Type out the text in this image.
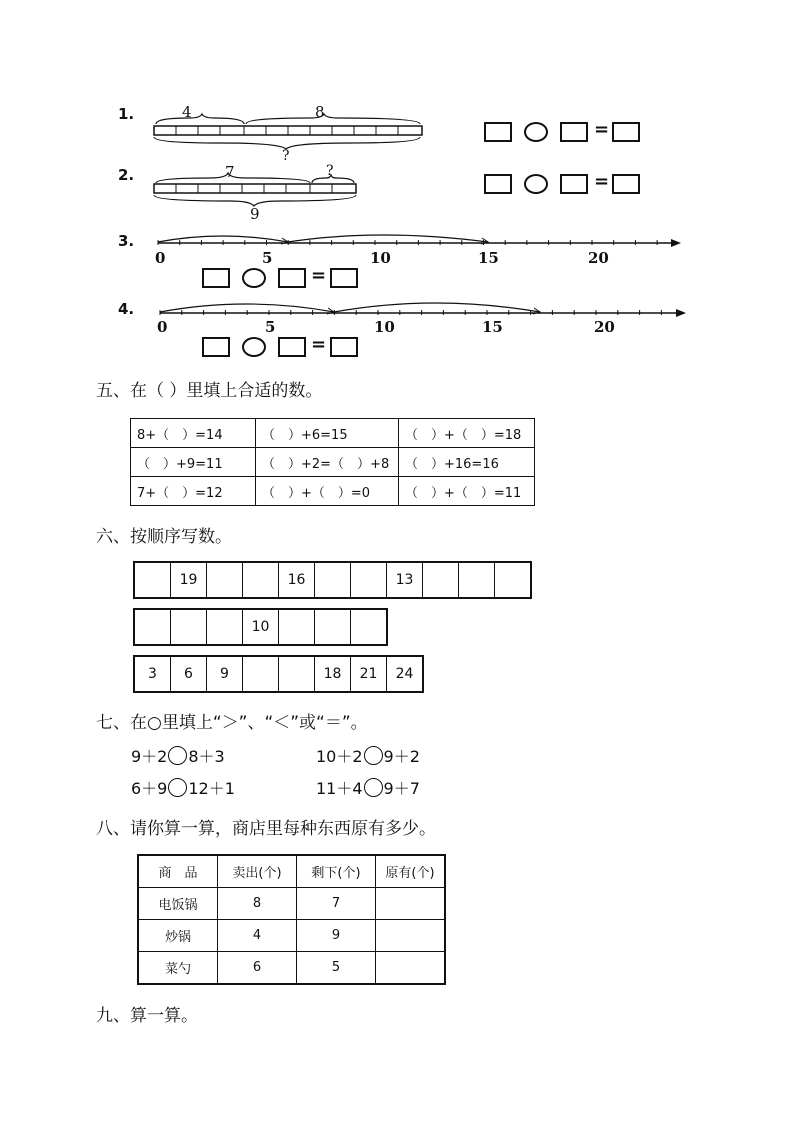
1.	4	8
?
=
2.	7	?
9
=
3.
0	5	10	15	20
=
4.
0	5	10	15	20
=
五、在（ ）里填上合适的数。
8+（　）=14	（　）+6=15	（　）+（　）=18
（　）+9=11	（　）+2=（　）+8	（　）+16=16
7+（　）=12	（　）+（　）=0	（　）+（　）=11
六、按顺序写数。
19	16	13
10
3	6	9	18	21	24
七、在○里填上“＞”、“＜”或“＝”。
9＋2 8＋3	10＋2 9＋2
6＋9 12＋1	11＋4 9＋7
八、请你算一算，商店里每种东西原有多少。
商　品	卖出(个)	剩下(个)	原有(个)
电饭锅	8	7	
炒锅	4	9	
菜勺	6	5	
九、算一算。
